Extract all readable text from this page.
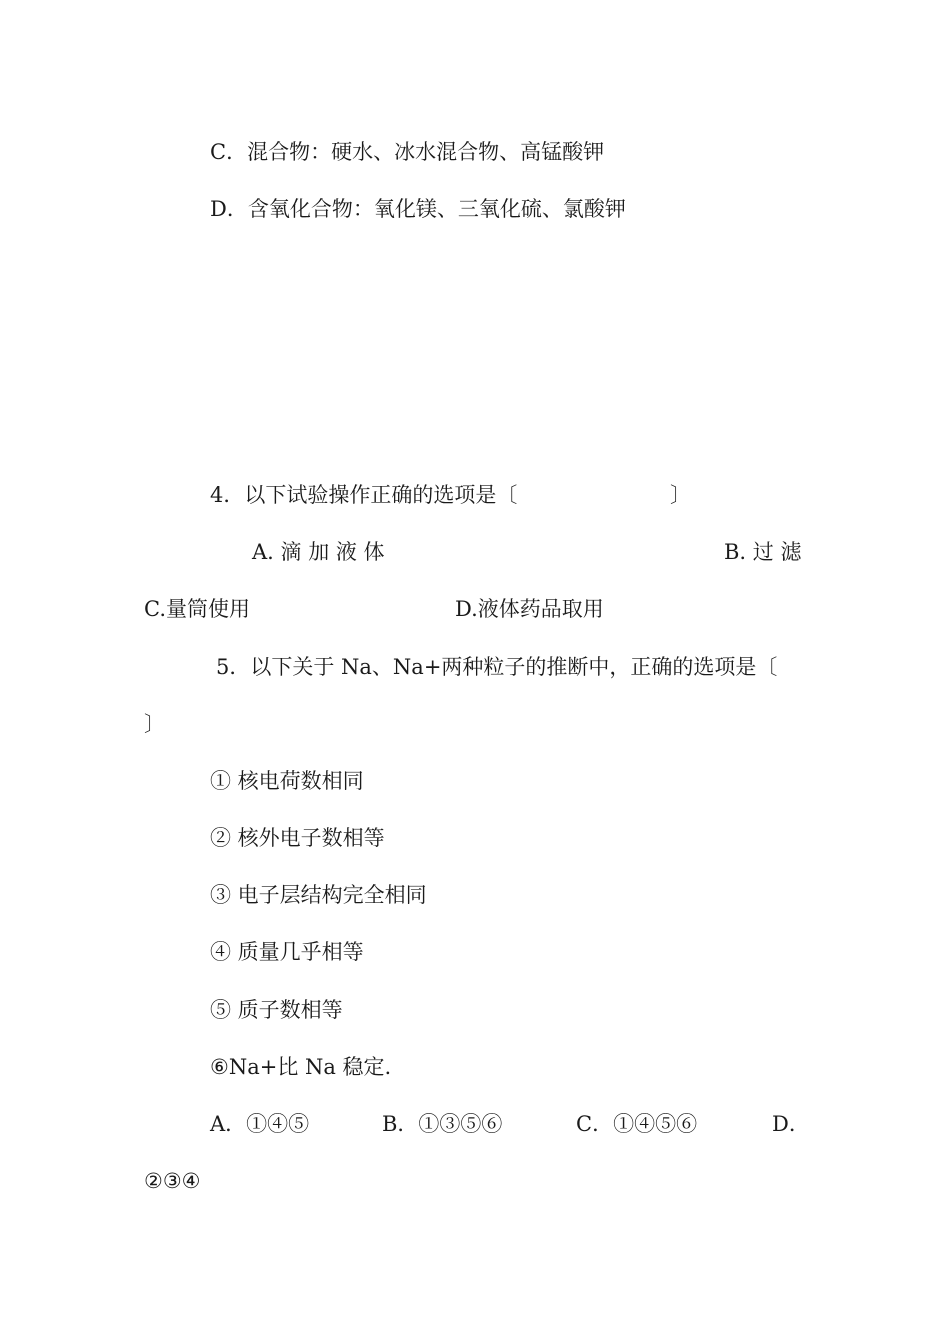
C．混合物：硬水、冰水混合物、高锰酸钾
D．含氧化合物：氧化镁、三氧化硫、氯酸钾
4．以下试验操作正确的选项是〔	〕
A. 滴 加 液 体	B. 过 滤
C.量筒使用	D.液体药品取用
5．以下关于 Na、Na+两种粒子的推断中，正确的选项是〔
〕
① 核电荷数相同
② 核外电子数相等
③ 电子层结构完全相同
④ 质量几乎相等
⑤ 质子数相等
⑥Na+比 Na 稳定.
A．①④⑤	B．①③⑤⑥	C．①④⑤⑥	D．
②③④
